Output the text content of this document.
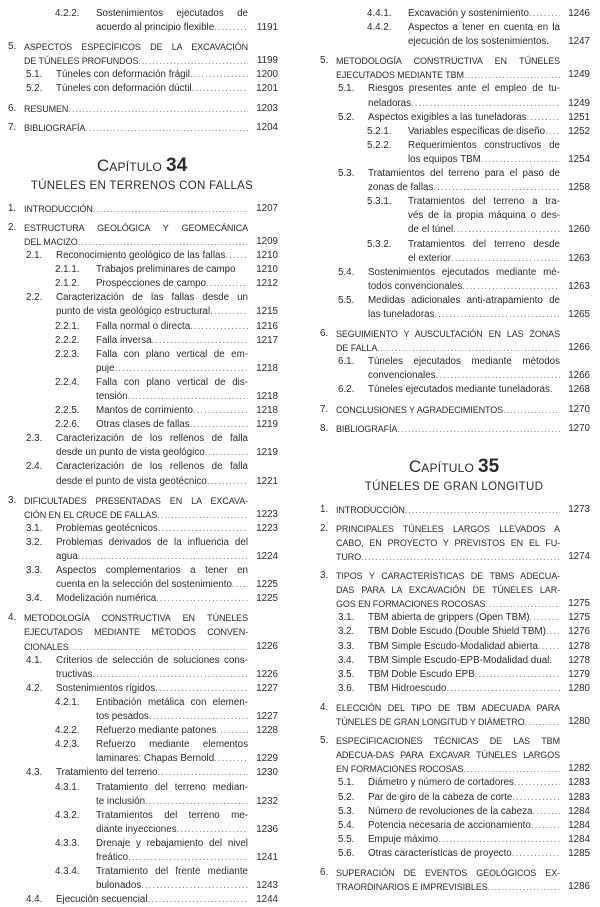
4.2.2. Sostenimientos ejecutados de
acuerdo al principio flexible .....	1191
5. ASPECTOS ESPECÍFICOS DE LA EXCAVACIÓN
DE TÚNELES PROFUNDOS .....	1199
5.1. Túneles con deformación frágil .....	1200
5.2. Túneles con deformación dúctil .....	1201
6. RESUMEN .....	1203
7. BIBLIOGRAFÍA .....	1204
Capítulo 34
TÚNELES EN TERRENOS CON FALLAS
1. INTRODUCCIÓN .....	1207
2. ESTRUCTURA GEOLÓGICA Y GEOMECÁNICA
DEL MACIZO .....	1209
2.1. Reconocimiento geológico de las fallas .....	1210
2.1.1. Trabajos preliminares de campo	1210
2.1.2. Prospecciones de campo .....	1212
2.2. Caracterización de las fallas desde un
punto de vista geológico estructural .....	1215
2.2.1. Falla normal o directa .....	1216
2.2.2. Falla inversa .....	1217
2.2.3. Falla con plano vertical de em-
puje .....	1218
2.2.4. Falla con plano vertical de dis-
tensión .....	1218
2.2.5. Mantos de corrimiento .....	1218
2.2.6. Otras clases de fallas .....	1219
2.3. Caracterización de los rellenos de falla
desde un punto de vista geológico .....	1219
2.4. Caracterización de los rellenos de falla
desde el punto de vista geotécnico .....	1221
3. DIFICULTADES PRESENTADAS EN LA EXCAVA-
CIÓN EN EL CRUCE DE FALLAS .....	1223
3.1. Problemas geotécnicos .....	1223
3.2. Problemas derivados de la influencia del
agua .....	1224
3.3. Aspectos complementarios a tener en
cuenta en la selección del sostenimiento .....	1225
3.4. Modelización numérica .....	1225
4. METODOLOGÍA CONSTRUCTIVA EN TÚNELES
EJECUTADOS MEDIANTE MÉTODOS CONVEN-
CIONALES .....	1226
4.1. Criterios de selección de soluciones cons-
tructivas .....	1226
4.2. Sostenimientos rígidos .....	1227
4.2.1. Entibación metálica con elemen-
tos pesados .....	1227
4.2.2. Refuerzo mediante patones .....	1228
4.2.3. Refuerzo mediante elementos
laminares: Chapas Bernold .....	1229
4.3. Tratamiento del terreno .....	1230
4.3.1. Tratamiento del terreno median-
te inclusión .....	1232
4.3.2. Tratamientos del terreno me-
diante inyecciones .....	1236
4.3.3. Drenaje y rebajamiento del nivel
freático .....	1241
4.3.4. Tratamiento del frente mediante
bulonados .....	1243
4.4. Ejecución secuencial .....	1244
4.4.1. Excavación y sostenimiento .....	1246
4.4.2. Aspectos a tener en cuenta en la
ejecución de los sostenimientos.	1247
5. METODOLOGÍA CONSTRUCTIVA EN TÚNELES
EJECUTADOS MEDIANTE TBM .....	1249
5.1. Riesgos presentes ante el empleo de tu-
neladoras .....	1249
5.2. Aspectos exigibles a las tuneladoras .....	1251
5.2.1. Variables específicas de diseño .....	1252
5.2.2. Requerimientos constructivos de
los equipos TBM .....	1254
5.3. Tratamientos del terreno para el paso de
zonas de fallas .....	1258
5.3.1. Tratamientos del terreno a tra-
vés de la propia máquina o des-
de el túnel .....	1260
5.3.2. Tratamientos del terreno desde
el exterior .....	1263
5.4. Sostenimientos ejecutados mediante mé-
todos convencionales .....	1263
5.5. Medidas adicionales anti-atrapamiento de
las tuneladoras .....	1265
6. SEGUIMIENTO Y AUSCULTACIÓN EN LAS ZONAS
DE FALLA .....	1266
6.1. Túneles ejecutados mediante métodos
convencionales .....	1266
6.2. Túneles ejecutados mediante tuneladoras.	1268
7. CONCLUSIONES Y AGRADECIMIENTOS .....	1270
8. BIBLIOGRAFÍA .....	1270
Capítulo 35
TÚNELES DE GRAN LONGITUD
1. INTRODUCCIÓN .....	1273
2. PRINCIPALES TÚNELES LARGOS LLEVADOS A
CABO, EN PROYECTO Y PREVISTOS EN EL FU-
TURO .....	1274
3. TIPOS Y CARACTERÍSTICAS DE TBMS ADECUA-
DAS PARA LA EXCAVACIÓN DE TÚNELES LAR-
GOS EN FORMACIONES ROCOSAS .....	1275
3.1. TBM abierta de grippers (Open TBM) .....	1275
3.2. TBM Doble Escudo (Double Shield TBM) .....	1276
3.3. TBM Simple Escudo-Modalidad abierta .....	1278
3.4. TBM Simple Escudo-EPB-Modalidad dual.	1278
3.5. TBM Doble Escudo EPB .....	1279
3.6. TBM Hidroescudo .....	1280
4. ELECCIÓN DEL TIPO DE TBM ADECUADA PARA
TÚNELES DE GRAN LONGITUD Y DIÁMETRO .....	1280
5. ESPECIFICACIONES TÉCNICAS DE LAS TBM
ADECUA-DAS PARA EXCAVAR TÚNELES LARGOS
EN FORMACIONES ROCOSAS .....	1282
5.1. Diámetro y número de cortadores .....	1283
5.2. Par de giro de la cabeza de corte .....	1283
5.3. Número de revoluciones de la cabeza .....	1284
5.4. Potencia necesaria de accionamiento .....	1284
5.5. Empuje máximo .....	1284
5.6. Otras características de proyecto .....	1285
6. SUPERACIÓN DE EVENTOS GEOLÓGICOS EX-
TRAORDINARIOS E IMPREVISIBLES .....	1286
